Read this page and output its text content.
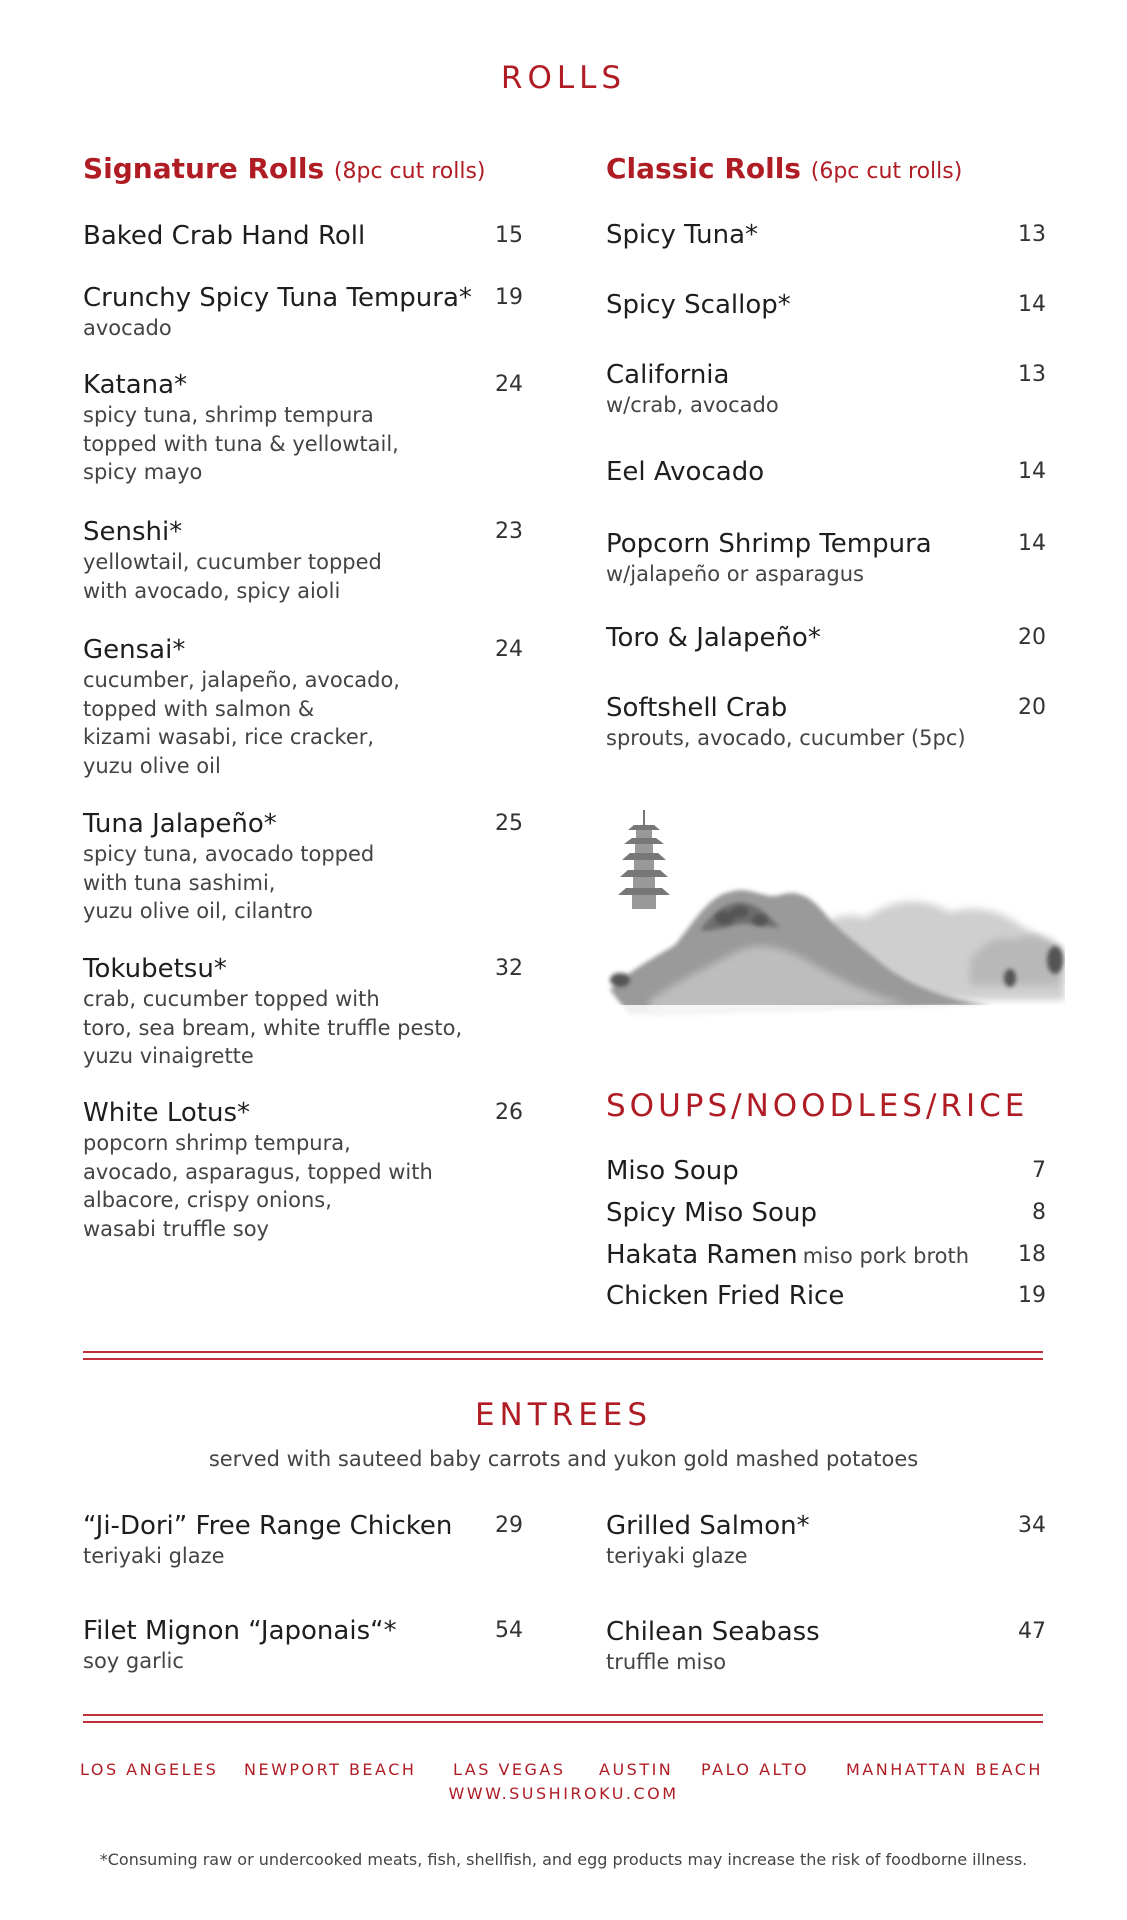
ROLLS
Signature Rolls (8pc cut rolls)
Baked Crab Hand Roll	15
Crunchy Spicy Tuna Tempura*	19
avocado
Katana*	24
spicy tuna, shrimp tempura
topped with tuna & yellowtail,
spicy mayo
Senshi*	23
yellowtail, cucumber topped
with avocado, spicy aioli
Gensai*	24
cucumber, jalapeño, avocado,
topped with salmon &
kizami wasabi, rice cracker,
yuzu olive oil
Tuna Jalapeño*	25
spicy tuna, avocado topped
with tuna sashimi,
yuzu olive oil, cilantro
Tokubetsu*	32
crab, cucumber topped with
toro, sea bream, white truffle pesto,
yuzu vinaigrette
White Lotus*	26
popcorn shrimp tempura,
avocado, asparagus, topped with
albacore, crispy onions,
wasabi truffle soy
Classic Rolls (6pc cut rolls)
Spicy Tuna*	13
Spicy Scallop*	14
California	13
w/crab, avocado
Eel Avocado	14
Popcorn Shrimp Tempura	14
w/jalapeño or asparagus
Toro & Jalapeño*	20
Softshell Crab	20
sprouts, avocado, cucumber (5pc)
SOUPS/NOODLES/RICE
Miso Soup	7
Spicy Miso Soup	8
Hakata Ramen miso pork broth 18
Chicken Fried Rice	19
ENTREES
served with sauteed baby carrots and yukon gold mashed potatoes
“Ji-Dori” Free Range Chicken	29
teriyaki glaze
Filet Mignon “Japonais“*	54
soy garlic
Grilled Salmon*	34
teriyaki glaze
Chilean Seabass	47
truffle miso
LOS ANGELES NEWPORT BEACH LAS VEGAS AUSTIN PALO ALTO MANHATTAN BEACH
WWW.SUSHIROKU.COM
*Consuming raw or undercooked meats, fish, shellfish, and egg products may increase the risk of foodborne illness.
